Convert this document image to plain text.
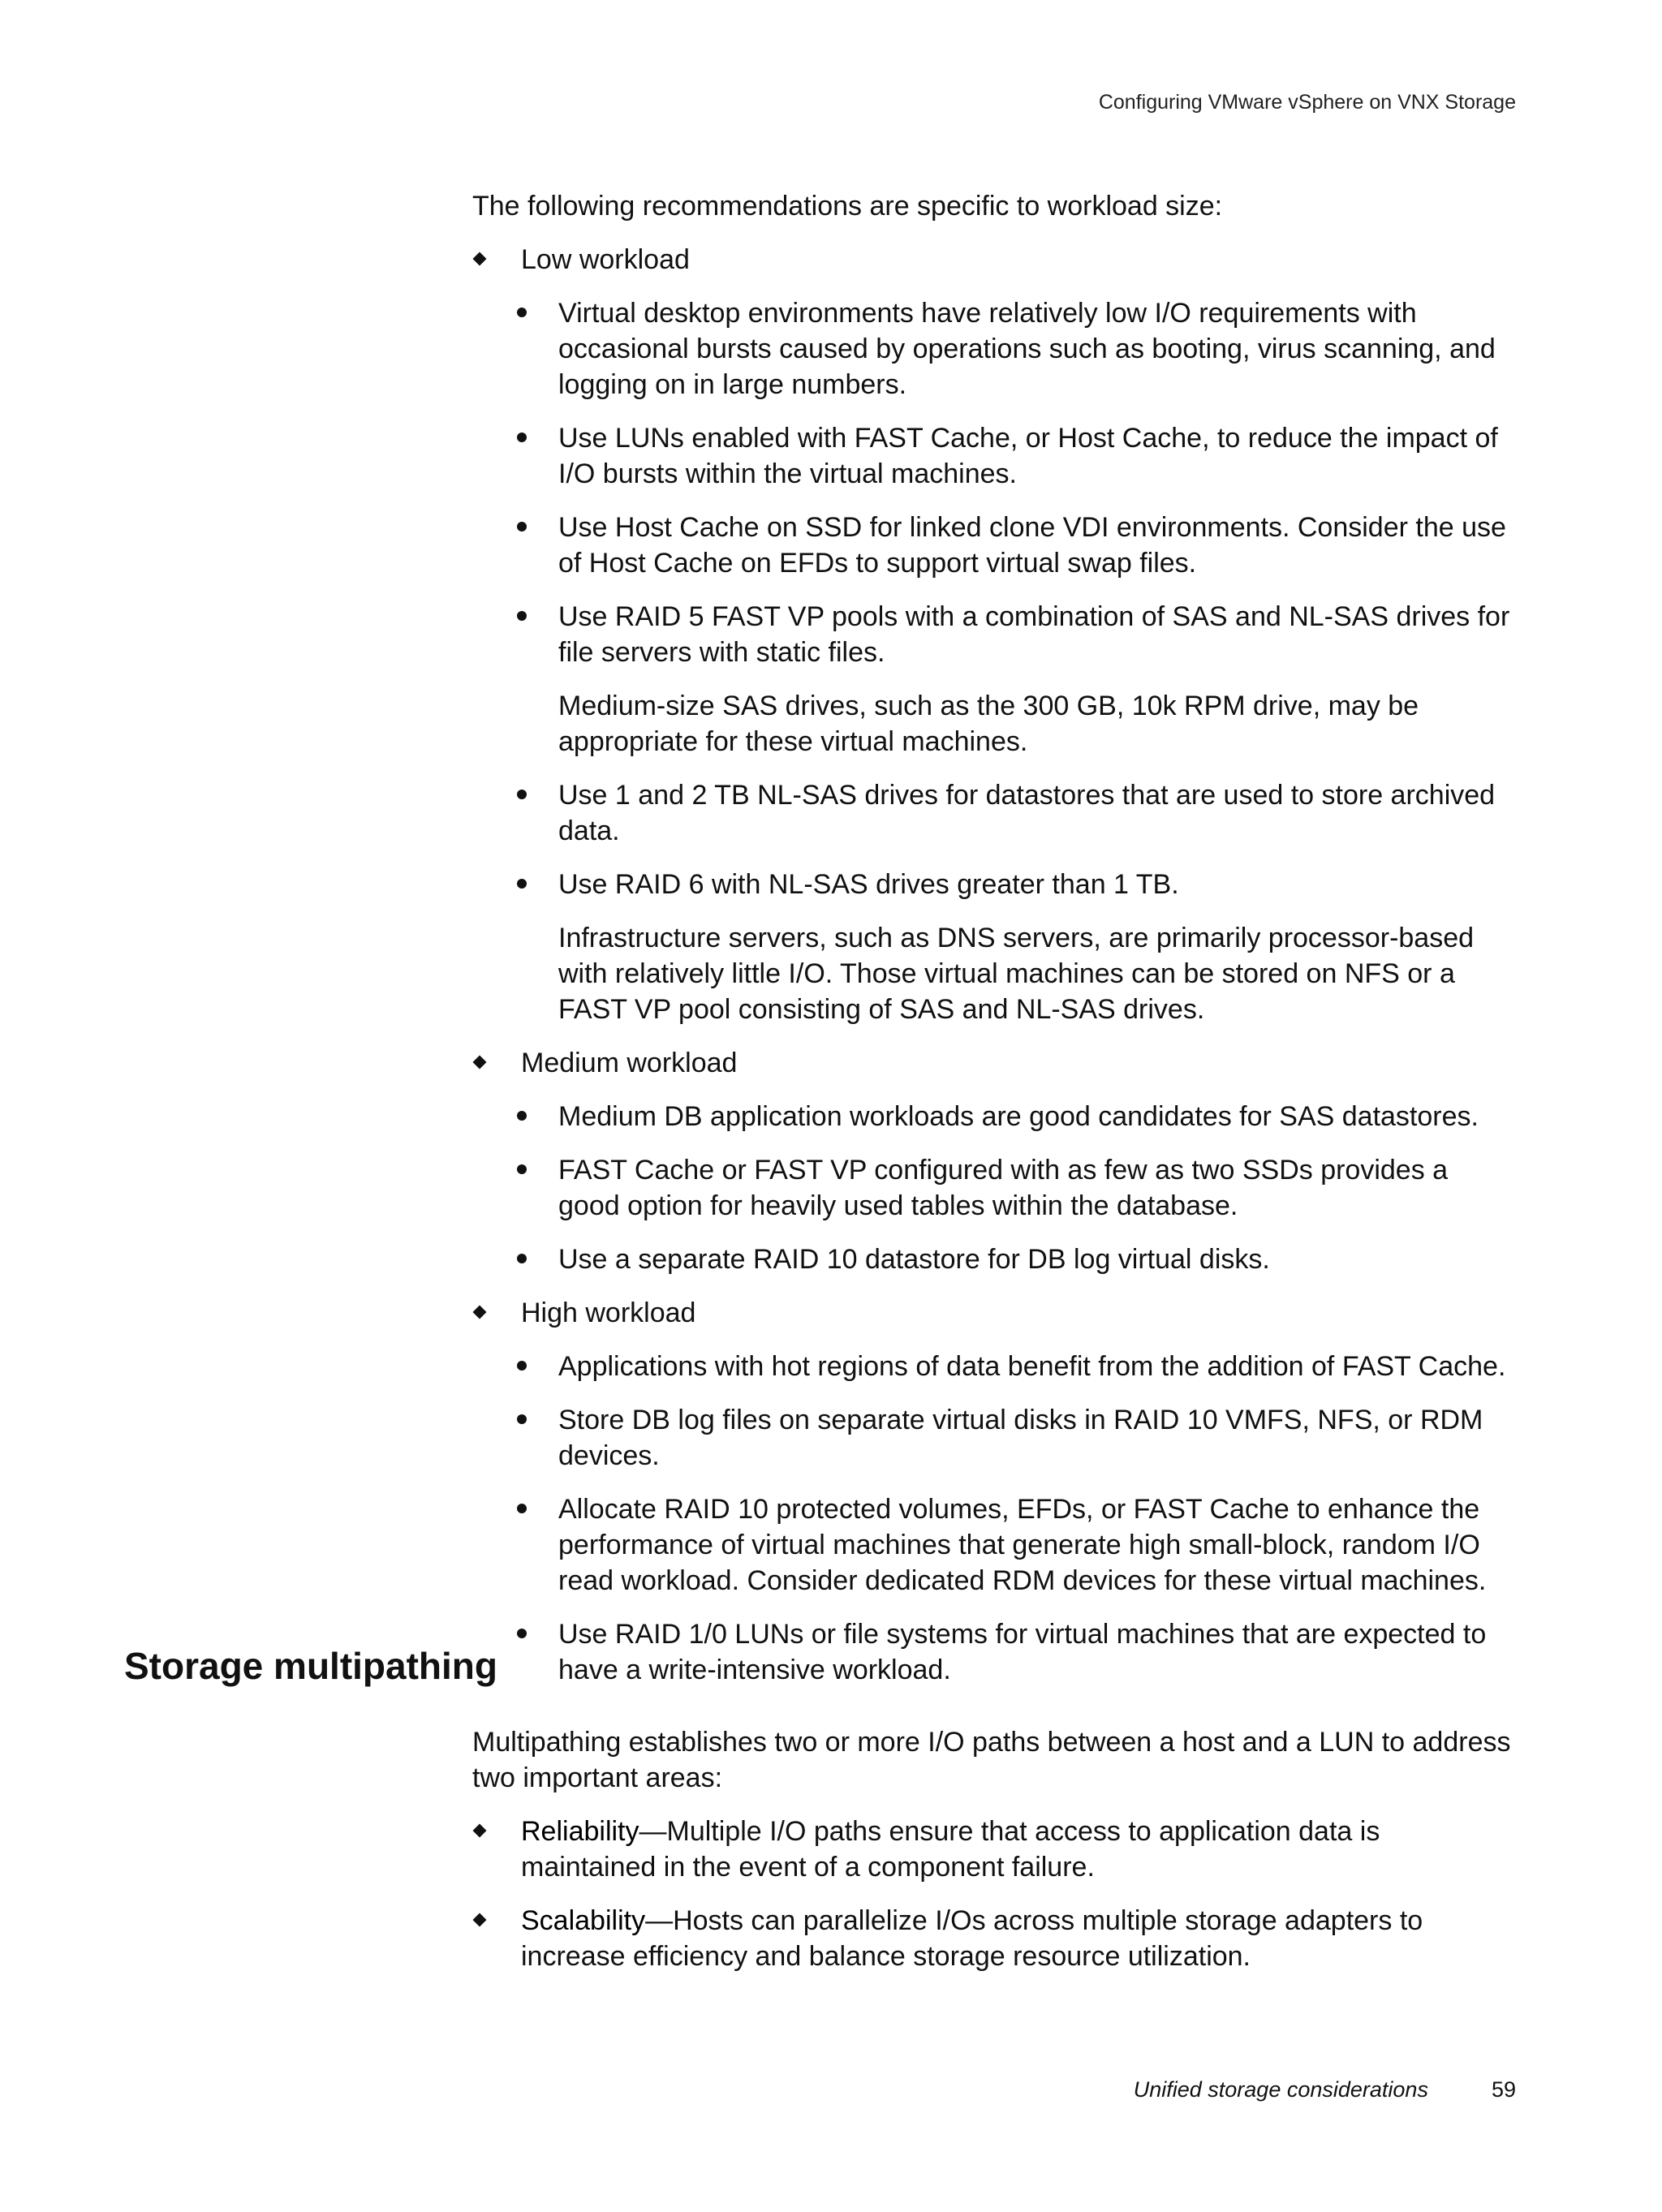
Configuring VMware vSphere on VNX Storage

The following recommendations are specific to workload size:

Low workload
Virtual desktop environments have relatively low I/O requirements with occasional bursts caused by operations such as booting, virus scanning, and logging on in large numbers.
Use LUNs enabled with FAST Cache, or Host Cache, to reduce the impact of I/O bursts within the virtual machines.
Use Host Cache on SSD for linked clone VDI environments. Consider the use of Host Cache on EFDs to support virtual swap files.
Use RAID 5 FAST VP pools with a combination of SAS and NL-SAS drives for file servers with static files.

Medium-size SAS drives, such as the 300 GB, 10k RPM drive, may be appropriate for these virtual machines.

Use 1 and 2 TB NL-SAS drives for datastores that are used to store archived data.
Use RAID 6 with NL-SAS drives greater than 1 TB.

Infrastructure servers, such as DNS servers, are primarily processor-based with relatively little I/O. Those virtual machines can be stored on NFS or a FAST VP pool consisting of SAS and NL-SAS drives.

Medium workload
Medium DB application workloads are good candidates for SAS datastores.
FAST Cache or FAST VP configured with as few as two SSDs provides a good option for heavily used tables within the database.
Use a separate RAID 10 datastore for DB log virtual disks.
High workload
Applications with hot regions of data benefit from the addition of FAST Cache.
Store DB log files on separate virtual disks in RAID 10 VMFS, NFS, or RDM devices.
Allocate RAID 10 protected volumes, EFDs, or FAST Cache to enhance the performance of virtual machines that generate high small-block, random I/O read workload. Consider dedicated RDM devices for these virtual machines.
Use RAID 1/0 LUNs or file systems for virtual machines that are expected to have a write-intensive workload.
Storage multipathing

Multipathing establishes two or more I/O paths between a host and a LUN to address two important areas:

Reliability—Multiple I/O paths ensure that access to application data is maintained in the event of a component failure.
Scalability—Hosts can parallelize I/Os across multiple storage adapters to increase efficiency and balance storage resource utilization.
Unified storage considerations	59
